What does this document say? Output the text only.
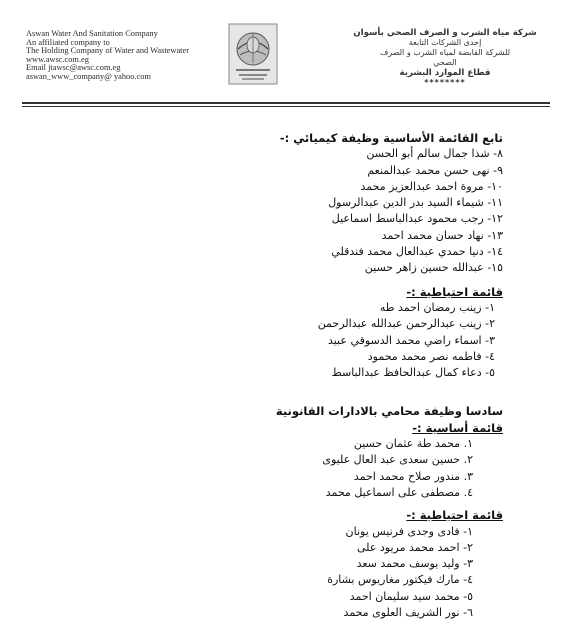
Aswan Water And Sanitation Company
An affiliated company to
The Holding Company of Water and Wastewater
www.awsc.com.eg
Email jtawsc@awsc.com.eg
aswan_www_company@ yahoo.com
شركة مياه الشرب و الصرف الصحي بأسوان
إحدى الشركات التابعة
للشركة القابضة لمياه الشرب و الصرف
الصحي
قطاع الموارد البشرية
********
تابع القائمة الأساسية وظيفة كيميائي :-
٨- شذا جمال سالم أبو الحسن
٩- نهى حسن محمد عبدالمنعم
١٠- مروة احمد عبدالعزيز محمد
١١- شيماء السيد بدر الدين عبدالرسول
١٢- رجب محمود عبدالباسط اسماعيل
١٣- نهاد حسان محمد احمد
١٤- دنيا حمدي عبدالعال محمد فندقلي
١٥- عبدالله حسين زاهر حسين
قائمة احتياطية :-
١- زينب رمضان احمد طه
٢- زينب عبدالرحمن عبدالله عبدالرحمن
٣- اسماء راضي محمد الدسوقي عبيد
٤- فاطمه نصر محمد محمود
٥- دعاء كمال عبدالحافظ عبدالباسط
سادسا وظيفة محامي بالادارات القانونية
قائمة أساسية :-
١. محمد طة عثمان حسين
٢. حسين سعدى عبد العال عليوى
٣. مندور صلاح محمد احمد
٤. مصطفى على اسماعيل محمد
قائمة احتياطية :-
١- فادى وجدى فرنيس يونان
٢- احمد محمد مريود على
٣- وليد يوسف محمد سعد
٤- مارك فيكتور مغاريوس بشارة
٥- محمد سيد سليمان احمد
٦- نور الشريف العلوى محمد
